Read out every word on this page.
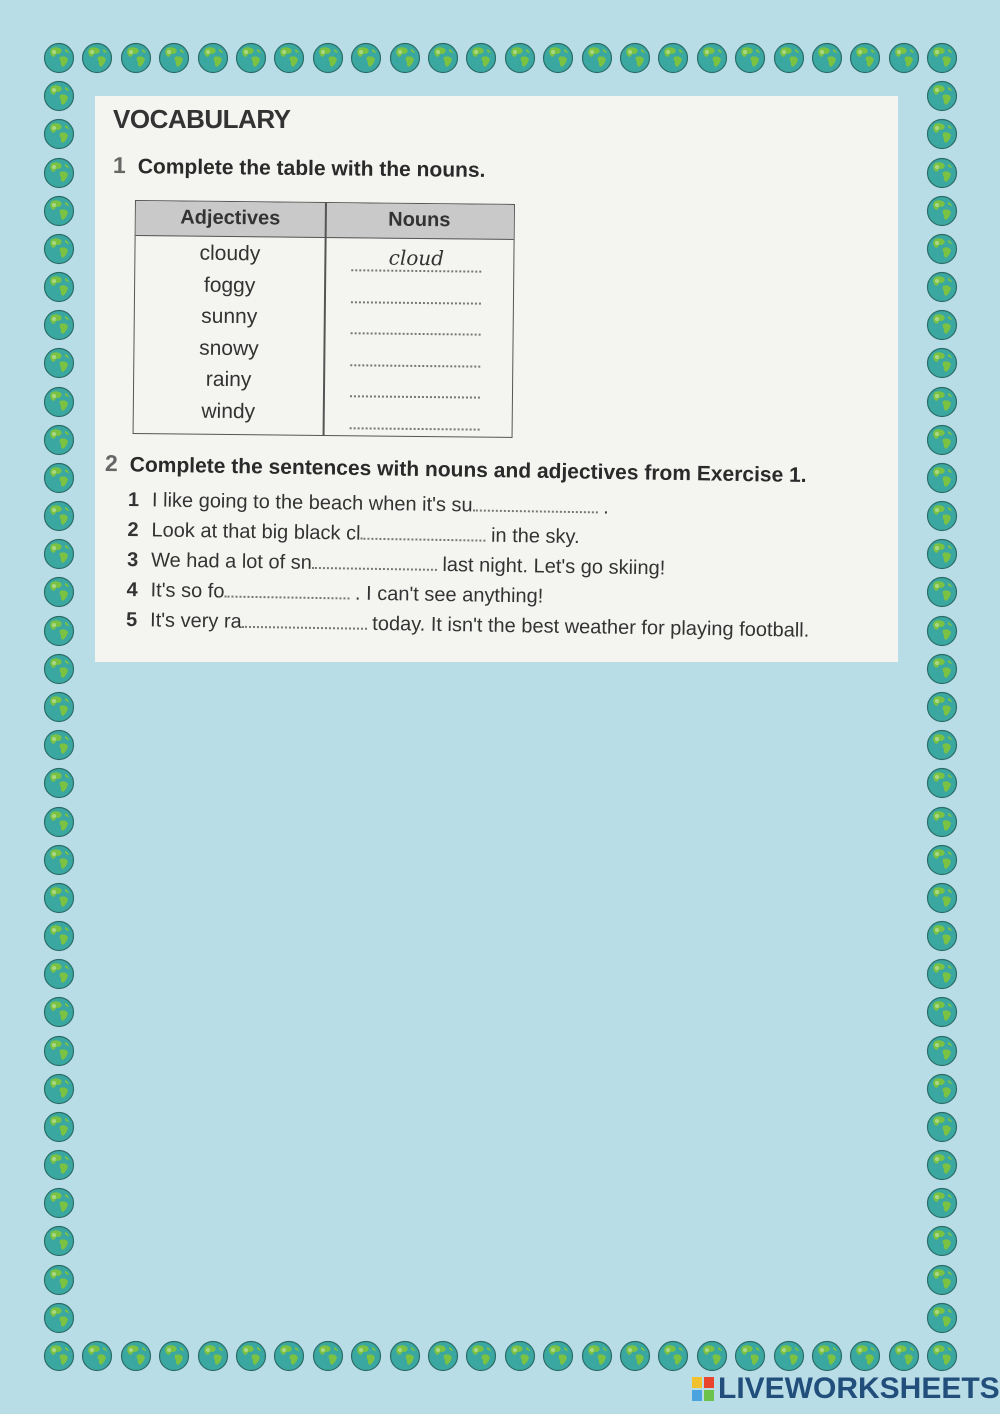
VOCABULARY
1 Complete the table with the nouns.
Adjectives	Nouns
cloudy	cloud
foggy
sunny
snowy
rainy
windy
2 Complete the sentences with nouns and adjectives from Exercise 1.
1 I like going to the beach when it's su	.
2 Look at that big black cl	in the sky.
3 We had a lot of sn	last night. Let's go skiing!
4 It's so fo	. I can't see anything!
5 It's very ra	today. It isn't the best weather for playing football.
LIVEWORKSHEETS
